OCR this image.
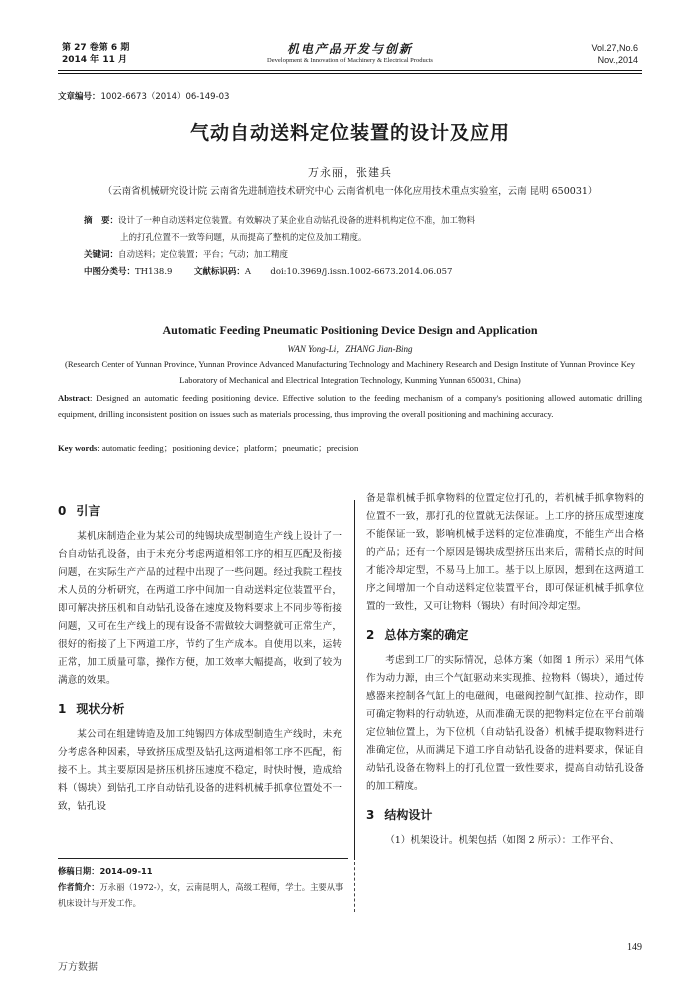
第 27 卷第 6 期
2014 年 11 月
机电产品开发与创新
Development & Innovation of Machinery & Electrical Products
Vol.27,No.6
Nov.,2014
文章编号：1002-6673（2014）06-149-03
气动自动送料定位装置的设计及应用
万永丽，张建兵
（云南省机械研究设计院 云南省先进制造技术研究中心 云南省机电一体化应用技术重点实验室，云南 昆明 650031）
摘　要：设计了一种自动送料定位装置。有效解决了某企业自动钻孔设备的进料机构定位不准，加工物料
上的打孔位置不一致等问题，从而提高了整机的定位及加工精度。
关键词：自动送料；定位装置；平台；气动；加工精度
中图分类号：TH138.9	文献标识码：A doi:10.3969/j.issn.1002-6673.2014.06.057
Automatic Feeding Pneumatic Positioning Device Design and Application
WAN Yong-Li，ZHANG Jian-Bing
(Research Center of Yunnan Province, Yunnan Province Advanced Manufacturing Technology and Machinery Research and Design Institute of Yunnan Province Key Laboratory of Mechanical and Electrical Integration Technology, Kunming Yunnan 650031, China)
Abstract: Designed an automatic feeding positioning device. Effective solution to the feeding mechanism of a company's positioning allowed automatic drilling equipment, drilling inconsistent position on issues such as materials processing, thus improving the overall positioning and machining accuracy.
Key words: automatic feeding；positioning device；platform；pneumatic；precision
0 引言

某机床制造企业为某公司的纯锡块成型制造生产线上设计了一台自动钻孔设备，由于未充分考虑两道相邻工序的相互匹配及衔接问题，在实际生产产品的过程中出现了一些问题。经过我院工程技术人员的分析研究，在两道工序中间加一自动送料定位装置平台，即可解决挤压机和自动钻孔设备在速度及物料要求上不同步等衔接问题，又可在生产线上的现有设备不需做较大调整就可正常生产，很好的衔接了上下两道工序，节约了生产成本。自使用以来，运转正常，加工质量可靠，操作方便，加工效率大幅提高，收到了较为满意的效果。

1 现状分析

某公司在组建铸造及加工纯锡四方体成型制造生产线时，未充分考虑各种因素，导致挤压成型及钻孔这两道相邻工序不匹配，衔接不上。其主要原因是挤压机挤压速度不稳定，时快时慢，造成给料（锡块）到钻孔工序自动钻孔设备的进料机械手抓拿位置处不一致，钻孔设

备是靠机械手抓拿物料的位置定位打孔的，若机械手抓拿物料的位置不一致，那打孔的位置就无法保证。上工序的挤压成型速度不能保证一致，影响机械手送料的定位准确度，不能生产出合格的产品；还有一个原因是锡块成型挤压出来后，需稍长点的时间才能冷却定型，不易马上加工。基于以上原因，想到在这两道工序之间增加一个自动送料定位装置平台，即可保证机械手抓拿位置的一致性，又可让物料（锡块）有时间冷却定型。

2 总体方案的确定

考虑到工厂的实际情况，总体方案（如图 1 所示）采用气体作为动力源，由三个气缸驱动来实现推、拉物料（锡块），通过传感器来控制各气缸上的电磁阀，电磁阀控制气缸推、拉动作，即可确定物料的行动轨迹，从而准确无误的把物料定位在平台前端定位轴位置上，为下位机（自动钻孔设备）机械手提取物料进行准确定位，从而满足下道工序自动钻孔设备的进料要求，保证自动钻孔设备在物料上的打孔位置一致性要求，提高自动钻孔设备的加工精度。

3 结构设计

（1）机架设计。机架包括（如图 2 所示）：工作平台、

修稿日期：2014-09-11
作者简介：万永丽（1972-），女，云南昆明人，高级工程师，学士。主要从事机床设计与开发工作。
149
万方数据
